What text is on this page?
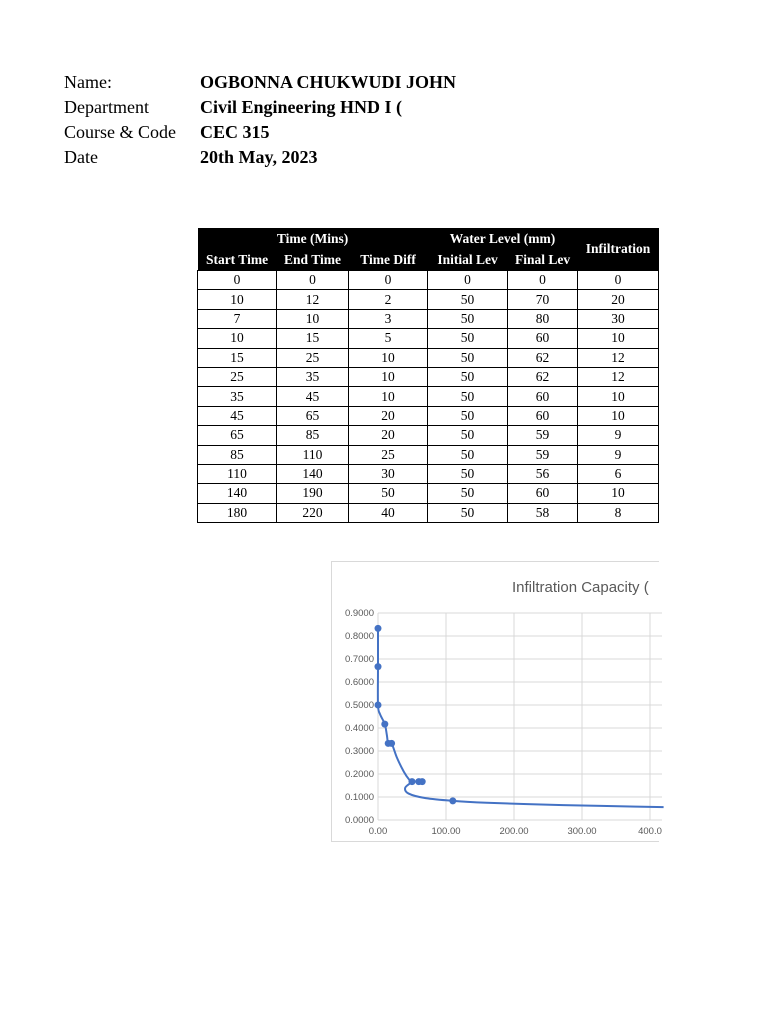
Name:	OGBONNA CHUKWUDI JOHN
Department	Civil Engineering HND I (
Course & Code	CEC 315
Date	20th May, 2023
Time (Mins)			Water Level (mm)		Infiltration
Start Time	End Time	Time Diff	Initial Lev	Final Lev	
0	0	0	0	0	0
10	12	2	50	70	20
7	10	3	50	80	30
10	15	5	50	60	10
15	25	10	50	62	12
25	35	10	50	62	12
35	45	10	50	60	10
45	65	20	50	60	10
65	85	20	50	59	9
85	110	25	50	59	9
110	140	30	50	56	6
140	190	50	50	60	10
180	220	40	50	58	8
Infiltration Capacity (
0.0000
0.1000
0.2000
0.3000
0.4000
0.5000
0.6000
0.7000
0.8000
0.9000
0.00	100.00	200.00	300.00	400.0
